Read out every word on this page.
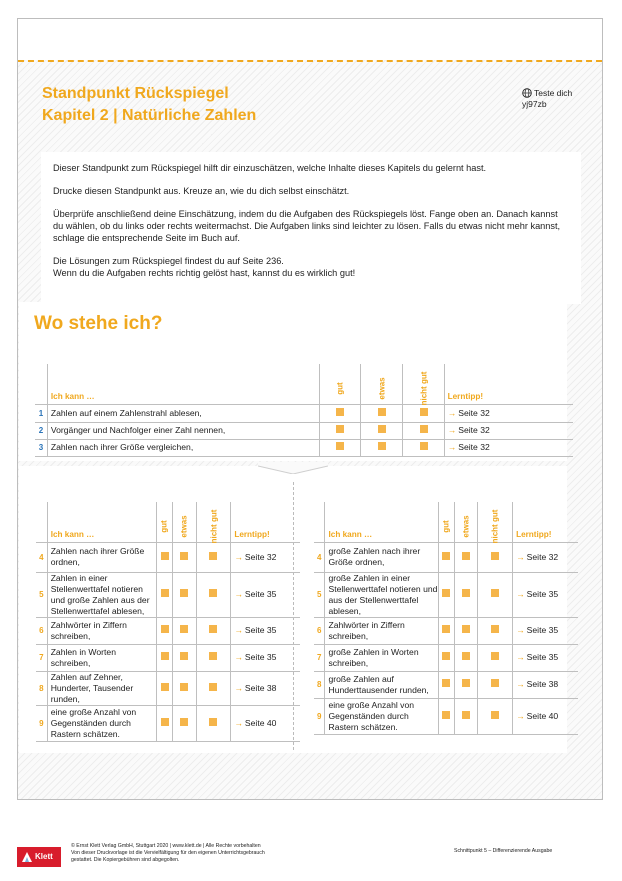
Standpunkt Rückspiegel
Kapitel 2 | Natürliche Zahlen
Teste dich
yj97zb

Dieser Standpunkt zum Rückspiegel hilft dir einzuschätzen, welche Inhalte dieses Kapitels du gelernt hast.

Drucke diesen Standpunkt aus. Kreuze an, wie du dich selbst einschätzt.

Überprüfe anschließend deine Einschätzung, indem du die Aufgaben des Rückspiegels löst. Fange oben an. Danach kannst du wählen, ob du links oder rechts weitermachst. Die Aufgaben links sind leichter zu lösen. Falls du etwas nicht mehr kannst, schlage die entsprechende Seite im Buch auf.

Die Lösungen zum Rückspiegel findest du auf Seite 236.
Wenn du die Aufgaben rechts richtig gelöst hast, kannst du es wirklich gut!

Wo stehe ich?
	Ich kann …	gut	etwas	nicht gut	Lerntipp!
1	Zahlen auf einem Zahlenstrahl ablesen,				→ Seite 32
2	Vorgänger und Nachfolger einer Zahl nennen,				→ Seite 32
3	Zahlen nach ihrer Größe vergleichen,				→ Seite 32
	Ich kann …	gut	etwas	nicht gut	Lerntipp!
4	Zahlen nach ihrer Größe ordnen,				→ Seite 32
5	Zahlen in einer Stellenwerttafel notieren und große Zahlen aus der Stellenwerttafel ablesen,				→ Seite 35
6	Zahlwörter in Ziffern schreiben,				→ Seite 35
7	Zahlen in Worten schreiben,				→ Seite 35
8	Zahlen auf Zehner, Hunderter, Tausender runden,				→ Seite 38
9	eine große Anzahl von Gegenständen durch Rastern schätzen.				→ Seite 40
	Ich kann …	gut	etwas	nicht gut	Lerntipp!
4	große Zahlen nach ihrer Größe ordnen,				→ Seite 32
5	große Zahlen in einer Stellenwerttafel notieren und aus der Stellenwerttafel ablesen,				→ Seite 35
6	Zahlwörter in Ziffern schreiben,				→ Seite 35
7	große Zahlen in Worten schreiben,				→ Seite 35
8	große Zahlen auf Hunderttausender runden,				→ Seite 38
9	eine große Anzahl von Gegenständen durch Rastern schätzen.				→ Seite 40
Klett
© Ernst Klett Verlag GmbH, Stuttgart 2020 | www.klett.de | Alle Rechte vorbehalten
Von dieser Druckvorlage ist die Vervielfältigung für den eigenen Unterrichtsgebrauch
gestattet. Die Kopiergebühren sind abgegolten.
Schnittpunkt 5 – Differenzierende Ausgabe
